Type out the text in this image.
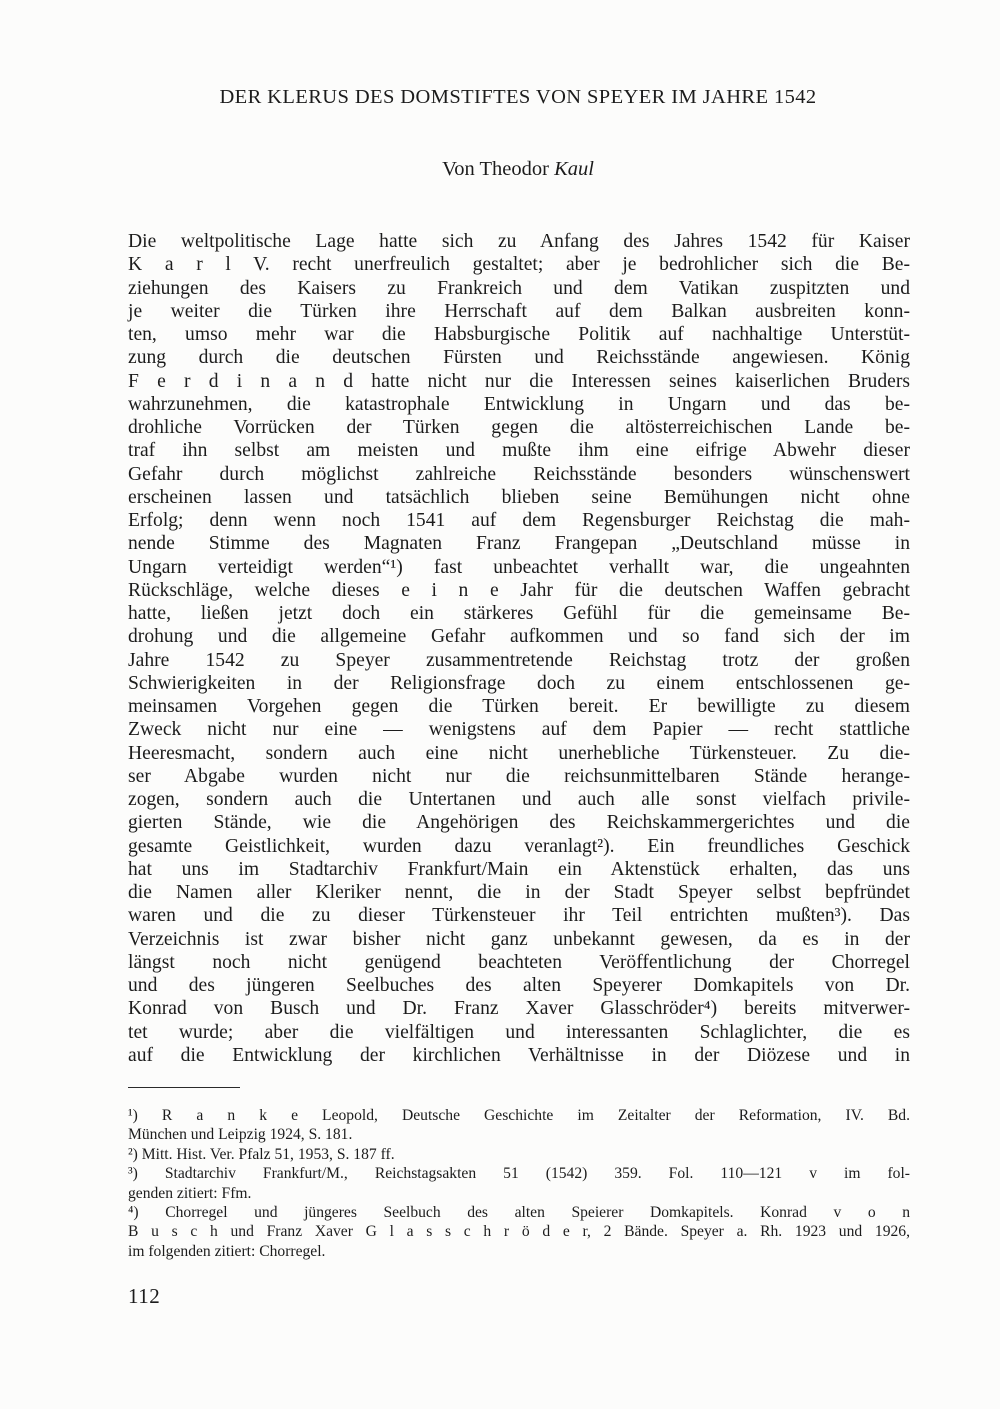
DER KLERUS DES DOMSTIFTES VON SPEYER IM JAHRE 1542
Von Theodor Kaul
Die weltpolitische Lage hatte sich zu Anfang des Jahres 1542 für Kaiser
K a r l V. recht unerfreulich gestaltet; aber je bedrohlicher sich die Be-
ziehungen des Kaisers zu Frankreich und dem Vatikan zuspitzten und
je weiter die Türken ihre Herrschaft auf dem Balkan ausbreiten konn-
ten, umso mehr war die Habsburgische Politik auf nachhaltige Unterstüt-
zung durch die deutschen Fürsten und Reichsstände angewiesen. König
F e r d i n a n d hatte nicht nur die Interessen seines kaiserlichen Bruders
wahrzunehmen, die katastrophale Entwicklung in Ungarn und das be-
drohliche Vorrücken der Türken gegen die altösterreichischen Lande be-
traf ihn selbst am meisten und mußte ihm eine eifrige Abwehr dieser
Gefahr durch möglichst zahlreiche Reichsstände besonders wünschenswert
erscheinen lassen und tatsächlich blieben seine Bemühungen nicht ohne
Erfolg; denn wenn noch 1541 auf dem Regensburger Reichstag die mah-
nende Stimme des Magnaten Franz Frangepan „Deutschland müsse in
Ungarn verteidigt werden“¹) fast unbeachtet verhallt war, die ungeahnten
Rückschläge, welche dieses e i n e Jahr für die deutschen Waffen gebracht
hatte, ließen jetzt doch ein stärkeres Gefühl für die gemeinsame Be-
drohung und die allgemeine Gefahr aufkommen und so fand sich der im
Jahre 1542 zu Speyer zusammentretende Reichstag trotz der großen
Schwierigkeiten in der Religionsfrage doch zu einem entschlossenen ge-
meinsamen Vorgehen gegen die Türken bereit. Er bewilligte zu diesem
Zweck nicht nur eine — wenigstens auf dem Papier — recht stattliche
Heeresmacht, sondern auch eine nicht unerhebliche Türkensteuer. Zu die-
ser Abgabe wurden nicht nur die reichsunmittelbaren Stände herange-
zogen, sondern auch die Untertanen und auch alle sonst vielfach privile-
gierten Stände, wie die Angehörigen des Reichskammergerichtes und die
gesamte Geistlichkeit, wurden dazu veranlagt²). Ein freundliches Geschick
hat uns im Stadtarchiv Frankfurt/Main ein Aktenstück erhalten, das uns
die Namen aller Kleriker nennt, die in der Stadt Speyer selbst bepfründet
waren und die zu dieser Türkensteuer ihr Teil entrichten mußten³). Das
Verzeichnis ist zwar bisher nicht ganz unbekannt gewesen, da es in der
längst noch nicht genügend beachteten Veröffentlichung der Chorregel
und des jüngeren Seelbuches des alten Speyerer Domkapitels von Dr.
Konrad von Busch und Dr. Franz Xaver Glasschröder⁴) bereits mitverwer-
tet wurde; aber die vielfältigen und interessanten Schlaglichter, die es
auf die Entwicklung der kirchlichen Verhältnisse in der Diözese und in
¹) R a n k e Leopold, Deutsche Geschichte im Zeitalter der Reformation, IV. Bd.
München und Leipzig 1924, S. 181.
²) Mitt. Hist. Ver. Pfalz 51, 1953, S. 187 ff.
³) Stadtarchiv Frankfurt/M., Reichstagsakten 51 (1542) 359. Fol. 110—121 v im fol-
genden zitiert: Ffm.
⁴) Chorregel und jüngeres Seelbuch des alten Speierer Domkapitels. Konrad v o n
B u s c h und Franz Xaver G l a s s c h r ö d e r, 2 Bände. Speyer a. Rh. 1923 und 1926,
im folgenden zitiert: Chorregel.
112
